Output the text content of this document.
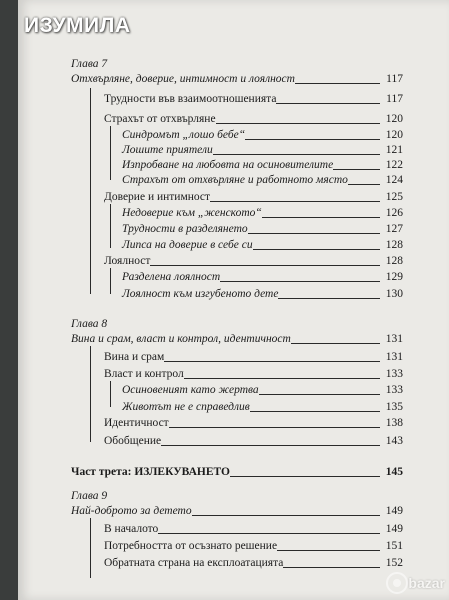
ИЗУМИЛА
Глава 7
Отхвърляне, доверие, интимност и лоялност	117
Трудности във взаимоотношенията	117
Страхът от отхвърляне	120
Синдромът „лошо бебе“	120
Лошите приятели	121
Изпробване на любовта на осиновителите	122
Страхът от отхвърляне и работното място	124
Доверие и интимност	125
Недоверие към „женското“	126
Трудности в разделянето	127
Липса на доверие в себе си	128
Лоялност	128
Разделена лоялност	129
Лоялност към изгубеното дете	130
Глава 8
Вина и срам, власт и контрол, идентичност	131
Вина и срам	131
Власт и контрол	133
Осиновеният като жертва	133
Животът не е справедлив	135
Идентичност	138
Обобщение	143
Част трета: ИЗЛЕКУВАНЕТО	145
Глава 9
Най-доброто за детето	149
В началото	149
Потребността от осъзнато решение	151
Обратната страна на експлоатацията	152
bazar
